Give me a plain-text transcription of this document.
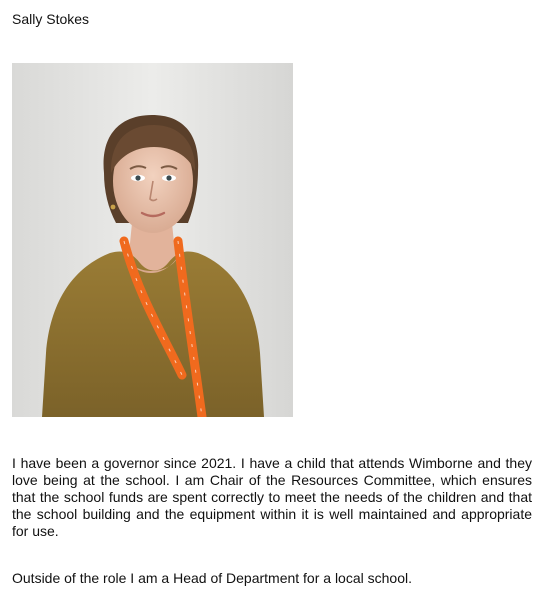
Sally Stokes

I have been a governor since 2021. I have a child that attends Wimborne and they love being at the school. I am Chair of the Resources Committee, which ensures that the school funds are spent correctly to meet the needs of the children and that the school building and the equipment within it is well maintained and appropriate for use.

Outside of the role I am a Head of Department for a local school.
